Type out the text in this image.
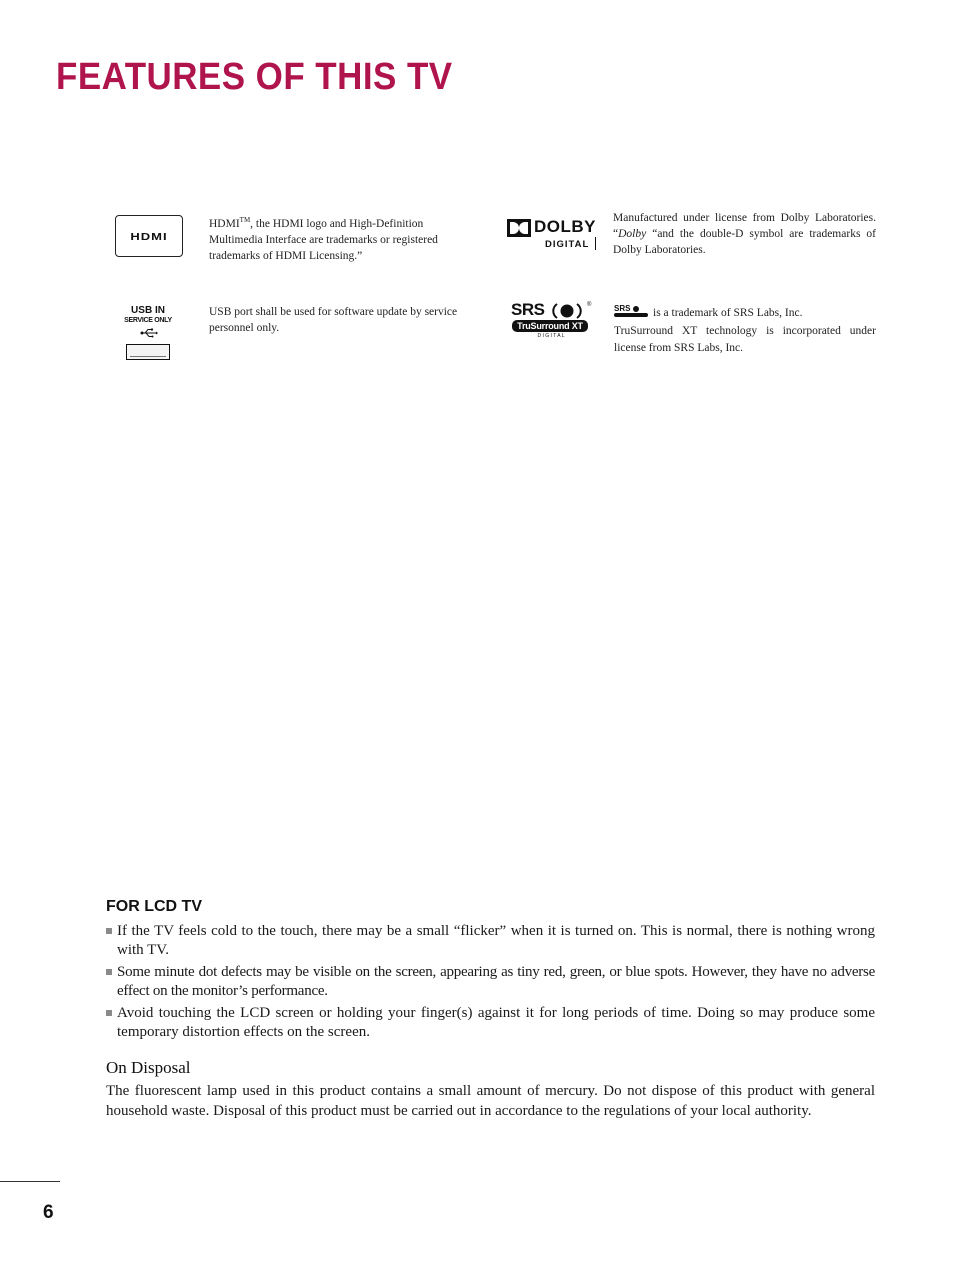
FEATURES OF THIS TV
HDMI
HDMI™, the HDMI logo and High-Definition Multimedia Interface are trademarks or registered trademarks of HDMI Licensing.”
DOLBY
DIGITAL
Manufactured under license from Dolby Laboratories. “Dolby “and the double-D symbol are trademarks of Dolby Laboratories.
USB IN
SERVICE ONLY
USB port shall be used for software update by service personnel only.
SRS	®
TruSurround XT
D I G I T A L
SRS is a trademark of SRS Labs, Inc.
TruSurround XT technology is incorporated under license from SRS Labs, Inc.
FOR LCD TV
If the TV feels cold to the touch, there may be a small “flicker” when it is turned on. This is normal, there is nothing wrong with TV.
Some minute dot defects may be visible on the screen, appearing as tiny red, green, or blue spots. However, they have no adverse effect on the monitor’s performance.
Avoid touching the LCD screen or holding your finger(s) against it for long periods of time. Doing so may produce some temporary distortion effects on the screen.
On Disposal

The fluorescent lamp used in this product contains a small amount of mercury. Do not dispose of this product with general household waste. Disposal of this product must be carried out in accordance to the regulations of your local authority.

6
